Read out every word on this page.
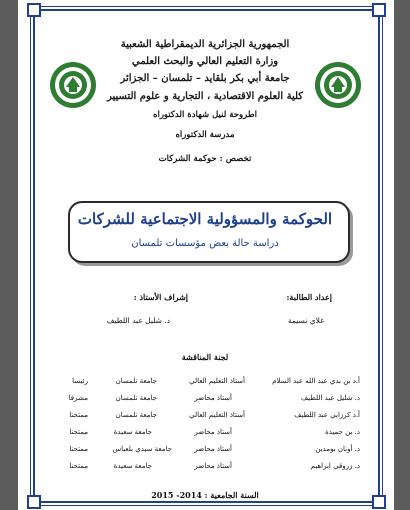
الجمهورية الجزائرية الديمقراطية الشعبية
وزارة التعليم العالي والبحث العلمي
جامعة أبي بكر بلقايد – تلمسان – الجزائر
كلية العلوم الاقتصادية ، التجارية و علوم التسيير
اطروحة لنيل شهادة الدكتوراه
مدرسة الدكتوراه
تخصص : حوكمة الشركات
الحوكمة والمسؤولية الاجتماعية للشركات
دراسة حالة بعض مؤسسات تلمسان
إعداد الطالبة:
غلاي نسيمة
إشراف الأستاذ :
د. شليل عبد اللطيف
لجنة المناقشة
أ.د بن بدي عبد الله عبد السلام
أستاذ التعليم العالي
جامعة تلمسان
رئيسا
د. شليل عبد اللطيف
أستاذ محاضر
جامعة تلمسان
مشرفا
أ.د كرزابي عبد اللطيف
أستاذ التعليم العالي
جامعة تلمسان
ممتحنا
د. بن حميدة
أستاذ محاضر
جامعة سعيدة
ممتحنا
د. أونان بومدين
أستاذ محاضر
جامعة سيدي بلعباس
ممتحنا
د. زروقي ابراهيم
أستاذ محاضر
جامعة سعيدة
ممتحنا
السنة الجامعية : 2014- 2015
